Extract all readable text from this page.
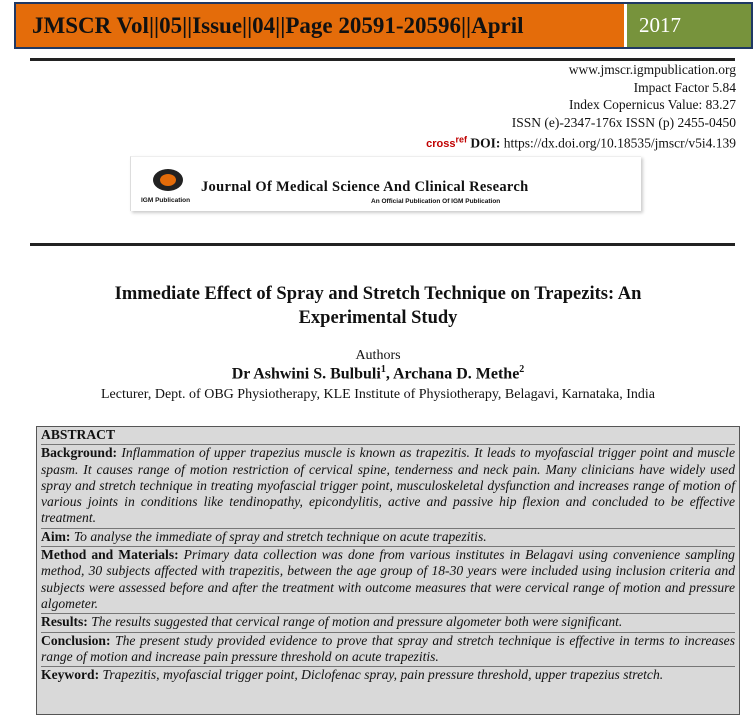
JMSCR Vol||05||Issue||04||Page 20591-20596||April	2017
www.jmscr.igmpublication.org
Impact Factor 5.84
Index Copernicus Value: 83.27
ISSN (e)-2347-176x ISSN (p) 2455-0450
cross$^{ref}$ DOI: https://dx.doi.org/10.18535/jmscr/v5i4.139
IGM Publication
Journal Of Medical Science And Clinical Research
An Official Publication Of IGM Publication
Immediate Effect of Spray and Stretch Technique on Trapezits: An
Experimental Study
Authors
Dr Ashwini S. Bulbuli$^1$, Archana D. Methe$^2$
Lecturer, Dept. of OBG Physiotherapy, KLE Institute of Physiotherapy, Belagavi, Karnataka, India

ABSTRACT

Background: Inflammation of upper trapezius muscle is known as trapezitis. It leads to myofascial trigger point and muscle spasm. It causes range of motion restriction of cervical spine, tenderness and neck pain. Many clinicians have widely used spray and stretch technique in treating myofascial trigger point, musculoskeletal dysfunction and increases range of motion of various joints in conditions like tendinopathy, epicondylitis, active and passive hip flexion and concluded to be effective treatment.

Aim: To analyse the immediate of spray and stretch technique on acute trapezitis.

Method and Materials: Primary data collection was done from various institutes in Belagavi using convenience sampling method, 30 subjects affected with trapezitis, between the age group of 18-30 years were included using inclusion criteria and subjects were assessed before and after the treatment with outcome measures that were cervical range of motion and pressure algometer.

Results: The results suggested that cervical range of motion and pressure algometer both were significant.

Conclusion: The present study provided evidence to prove that spray and stretch technique is effective in terms to increases range of motion and increase pain pressure threshold on acute trapezitis.

Keyword: Trapezitis, myofascial trigger point, Diclofenac spray, pain pressure threshold, upper trapezius stretch.
